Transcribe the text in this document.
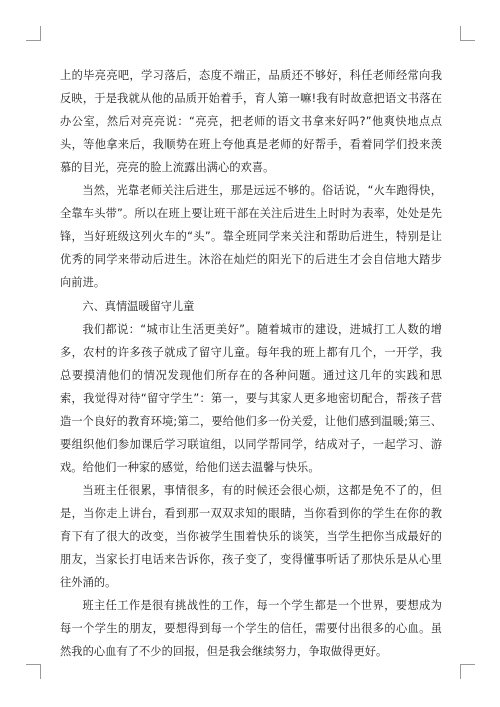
上的毕亮亮吧，学习落后，态度不端正，品质还不够好，科任老师经常向我反映，于是我就从他的品质开始着手，育人第一嘛!我有时故意把语文书落在办公室，然后对亮亮说：“亮亮，把老师的语文书拿来好吗?”他爽快地点点头，等他拿来后，我顺势在班上夸他真是老师的好帮手，看着同学们投来羡慕的目光，亮亮的脸上流露出满心的欢喜。

当然，光靠老师关注后进生，那是远远不够的。俗话说，“火车跑得快，全靠车头带”。所以在班上要让班干部在关注后进生上时时为表率，处处是先锋，当好班级这列火车的“头”。靠全班同学来关注和帮助后进生，特别是让优秀的同学来带动后进生。沐浴在灿烂的阳光下的后进生才会自信地大踏步向前进。

六、真情温暖留守儿童

我们都说：“城市让生活更美好”。随着城市的建设，进城打工人数的增多，农村的许多孩子就成了留守儿童。每年我的班上都有几个，一开学，我总要摸清他们的情况发现他们所存在的各种问题。通过这几年的实践和思索，我觉得对待“留守学生”：第一，要与其家人更多地密切配合，帮孩子营造一个良好的教育环境;第二，要给他们多一份关爱，让他们感到温暖;第三、要组织他们参加课后学习联谊组，以同学帮同学，结成对子，一起学习、游戏。给他们一种家的感觉，给他们送去温馨与快乐。

当班主任很累，事情很多，有的时候还会很心烦，这都是免不了的，但是，当你走上讲台，看到那一双双求知的眼睛，当你看到你的学生在你的教育下有了很大的改变，当你被学生围着快乐的谈笑，当学生把你当成最好的朋友，当家长打电话来告诉你，孩子变了，变得懂事听话了那快乐是从心里往外涌的。

班主任工作是很有挑战性的工作，每一个学生都是一个世界，要想成为每一个学生的朋友，要想得到每一个学生的信任，需要付出很多的心血。虽然我的心血有了不少的回报，但是我会继续努力，争取做得更好。
